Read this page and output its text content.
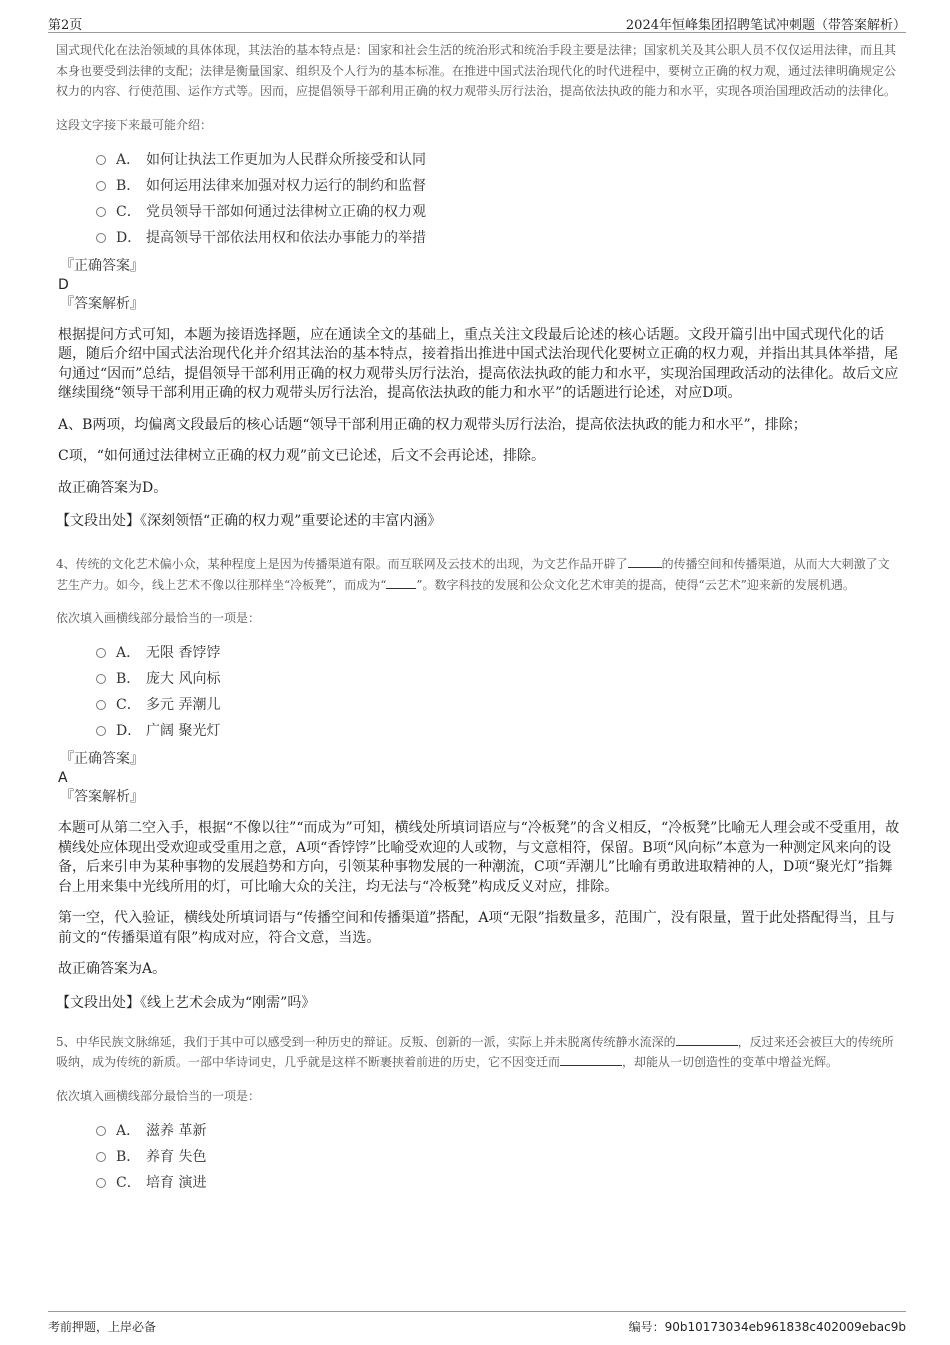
第2页	2024年恒峰集团招聘笔试冲刺题（带答案解析）

国式现代化在法治领域的具体体现，其法治的基本特点是：国家和社会生活的统治形式和统治手段主要是法律；国家机关及其公职人员不仅仅运用法律，而且其本身也要受到法律的支配；法律是衡量国家、组织及个人行为的基本标准。在推进中国式法治现代化的时代进程中，要树立正确的权力观，通过法律明确规定公权力的内容、行使范围、运作方式等。因而，应提倡领导干部利用正确的权力观带头厉行法治，提高依法执政的能力和水平，实现各项治国理政活动的法律化。

这段文字接下来最可能介绍：
A． 如何让执法工作更加为人民群众所接受和认同
B． 如何运用法律来加强对权力运行的制约和监督
C． 党员领导干部如何通过法律树立正确的权力观
D． 提高领导干部依法用权和依法办事能力的举措
『正确答案』
D
『答案解析』

根据提问方式可知，本题为接语选择题，应在通读全文的基础上，重点关注文段最后论述的核心话题。文段开篇引出中国式现代化的话题，随后介绍中国式法治现代化并介绍其法治的基本特点，接着指出推进中国式法治现代化要树立正确的权力观，并指出其具体举措，尾句通过“因而”总结，提倡领导干部利用正确的权力观带头厉行法治，提高依法执政的能力和水平，实现治国理政活动的法律化。故后文应继续围绕“领导干部利用正确的权力观带头厉行法治，提高依法执政的能力和水平”的话题进行论述，对应D项。

A、B两项，均偏离文段最后的核心话题“领导干部利用正确的权力观带头厉行法治，提高依法执政的能力和水平”，排除；

C项，“如何通过法律树立正确的权力观”前文已论述，后文不会再论述，排除。

故正确答案为D。

【文段出处】《深刻领悟“正确的权力观”重要论述的丰富内涵》

4、传统的文化艺术偏小众，某种程度上是因为传播渠道有限。而互联网及云技术的出现，为文艺作品开辟了	的传播空间和传播渠道，从而大大刺激了文艺生产力。如今，线上艺术不像以往那样坐“冷板凳”，而成为“	”。数字科技的发展和公众文化艺术审美的提高，使得“云艺术”迎来新的发展机遇。

依次填入画横线部分最恰当的一项是：
A． 无限 香饽饽
B． 庞大 风向标
C． 多元 弄潮儿
D． 广阔 聚光灯
『正确答案』
A
『答案解析』

本题可从第二空入手，根据“不像以往”“而成为”可知，横线处所填词语应与“冷板凳”的含义相反，“冷板凳”比喻无人理会或不受重用，故横线处应体现出受欢迎或受重用之意，A项“香饽饽”比喻受欢迎的人或物，与文意相符，保留。B项“风向标”本意为一种测定风来向的设备，后来引申为某种事物的发展趋势和方向，引领某种事物发展的一种潮流，C项“弄潮儿”比喻有勇敢进取精神的人，D项“聚光灯”指舞台上用来集中光线所用的灯，可比喻大众的关注，均无法与“冷板凳”构成反义对应，排除。

第一空，代入验证，横线处所填词语与“传播空间和传播渠道”搭配，A项“无限”指数量多，范围广，没有限量，置于此处搭配得当，且与前文的“传播渠道有限”构成对应，符合文意，当选。

故正确答案为A。

【文段出处】《线上艺术会成为“刚需”吗》

5、中华民族文脉绵延，我们于其中可以感受到一种历史的辩证。反叛、创新的一派，实际上并未脱离传统静水流深的	，反过来还会被巨大的传统所吸纳，成为传统的新质。一部中华诗词史，几乎就是这样不断裹挟着前进的历史，它不因变迁而	，却能从一切创造性的变革中增益光辉。

依次填入画横线部分最恰当的一项是：
A． 滋养 革新
B． 养育 失色
C． 培育 演进
考前押题，上岸必备	编号：90b10173034eb961838c402009ebac9b
